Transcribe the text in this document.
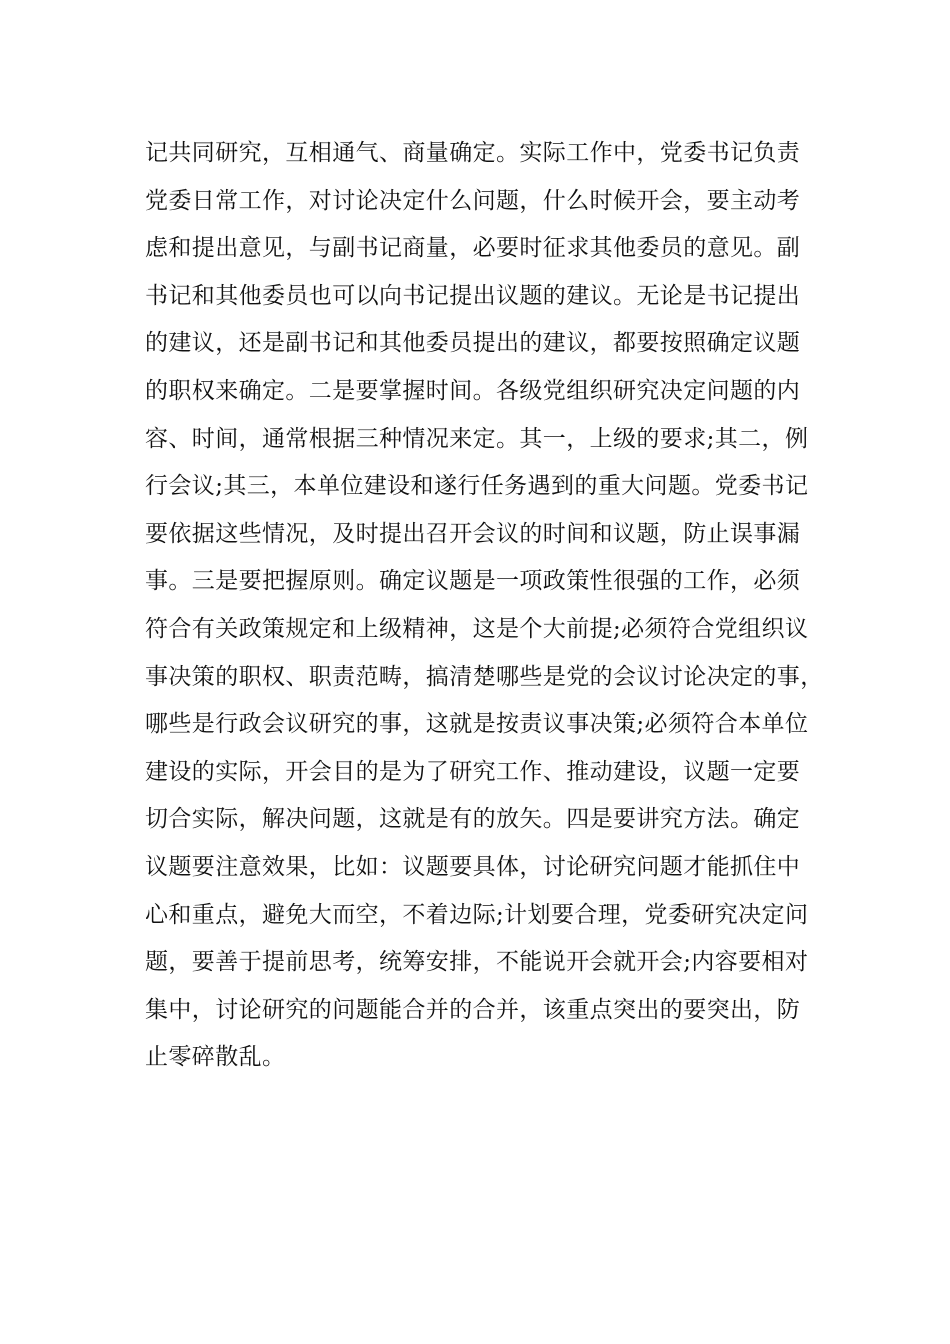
记共同研究，互相通气、商量确定。实际工作中，党委书记负责
党委日常工作，对讨论决定什么问题，什么时候开会，要主动考
虑和提出意见，与副书记商量，必要时征求其他委员的意见。副
书记和其他委员也可以向书记提出议题的建议。无论是书记提出
的建议，还是副书记和其他委员提出的建议，都要按照确定议题
的职权来确定。二是要掌握时间。各级党组织研究决定问题的内
容、时间，通常根据三种情况来定。其一，上级的要求;其二，例
行会议;其三，本单位建设和遂行任务遇到的重大问题。党委书记
要依据这些情况，及时提出召开会议的时间和议题，防止误事漏
事。三是要把握原则。确定议题是一项政策性很强的工作，必须
符合有关政策规定和上级精神，这是个大前提;必须符合党组织议
事决策的职权、职责范畴，搞清楚哪些是党的会议讨论决定的事，
哪些是行政会议研究的事，这就是按责议事决策;必须符合本单位
建设的实际，开会目的是为了研究工作、推动建设，议题一定要
切合实际，解决问题，这就是有的放矢。四是要讲究方法。确定
议题要注意效果，比如：议题要具体，讨论研究问题才能抓住中
心和重点，避免大而空，不着边际;计划要合理，党委研究决定问
题，要善于提前思考，统筹安排，不能说开会就开会;内容要相对
集中，讨论研究的问题能合并的合并，该重点突出的要突出，防
止零碎散乱。
